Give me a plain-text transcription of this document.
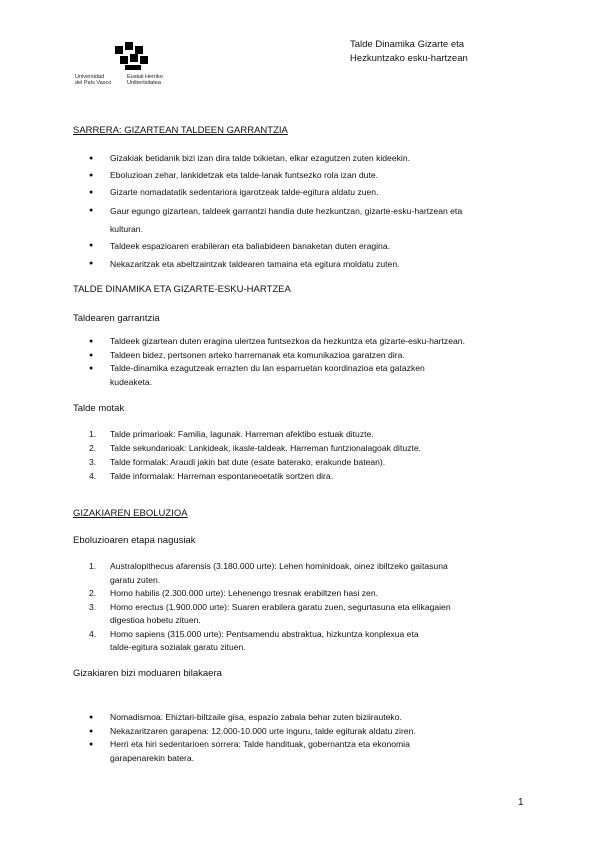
Universidad
del País Vasco
Euskal Herriko
Unibertsitatea
Talde Dinamika Gizarte eta
Hezkuntzako esku-hartzean
SARRERA: GIZARTEAN TALDEEN GARRANTZIA
● Gizakiak betidanik bizi izan dira talde txikietan, elkar ezagutzen zuten kideekin.
● Eboluzioan zehar, lankidetzak eta talde-lanak funtsezko rola izan dute.
● Gizarte nomadatatik sedentariora igarotzeak talde-egitura aldatu zuen.
● Gaur egungo gizartean, taldeek garrantzi handia dute hezkuntzan, gizarte-esku-hartzean eta
kulturan.
● Taldeek espazioaren erabileran eta baliabideen banaketan duten eragina.
● Nekazaritzak eta abeltzaintzak taldearen tamaina eta egitura moldatu zuten.
TALDE DINAMIKA ETA GIZARTE-ESKU-HARTZEA
Taldearen garrantzia
● Taldeek gizartean duten eragina ulertzea funtsezkoa da hezkuntza eta gizarte-esku-hartzean.
● Taldeen bidez, pertsonen arteko harremanak eta komunikazioa garatzen dira.
● Talde-dinamika ezagutzeak errazten du lan esparruetan koordinazioa eta gatazken
kudeaketa.
Talde motak
1. Talde primarioak: Familia, lagunak. Harreman afektibo estuak dituzte.
2. Talde sekundarioak: Lankideak, ikasle-taldeak. Harreman funtzionalagoak dituzte.
3. Talde formalak: Araudi jakin bat dute (esate baterako, erakunde batean).
4. Talde informalak: Harreman espontaneoetatik sortzen dira.
GIZAKIAREN EBOLUZIOA
Eboluzioaren etapa nagusiak
1. Australopithecus afarensis (3.180.000 urte): Lehen hominidoak, oinez ibiltzeko gaitasuna
garatu zuten.
2. Homo habilis (2.300.000 urte): Lehenengo tresnak erabiltzen hasi zen.
3. Homo erectus (1.900.000 urte): Suaren erabilera garatu zuen, segurtasuna eta elikagaien
digestioa hobetu zituen.
4. Homo sapiens (315.000 urte): Pentsamendu abstraktua, hizkuntza konplexua eta
talde-egitura sozialak garatu zituen.
Gizakiaren bizi moduaren bilakaera
● Nomadismoa: Ehiztari-biltzaile gisa, espazio zabala behar zuten biziirauteko.
● Nekazaritzaren garapena: 12.000-10.000 urte inguru, talde egiturak aldatu ziren.
● Herri eta hiri sedentarioen sorrera: Talde handituak, gobernantza eta ekonomia
garapenarekin batera.
1
